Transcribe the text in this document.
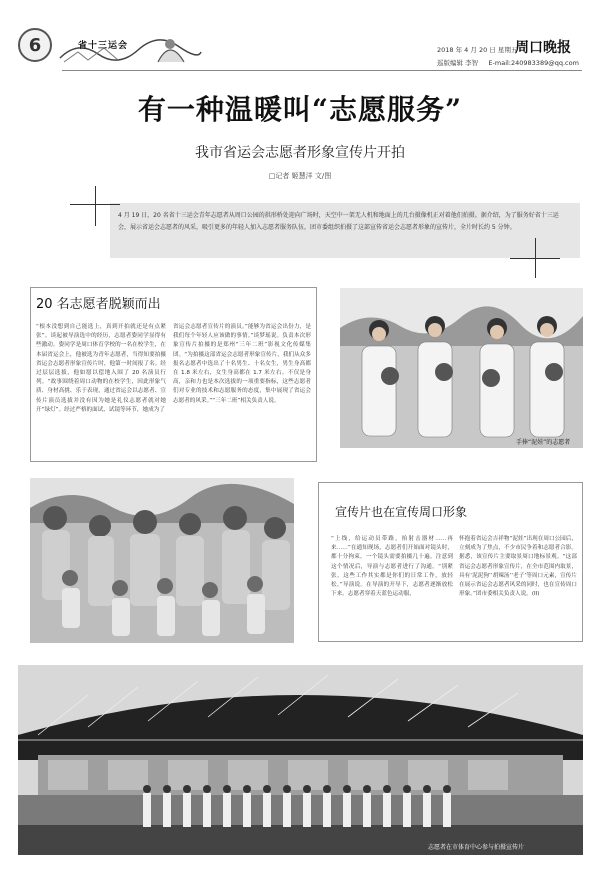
6	省十三运会	2018 年 4 月 20 日 星期五
巡版编辑 李智 E-mail:240983389@qq.com
周口晚报
有一种温暖叫“志愿服务”
我市省运会志愿者形象宣传片开拍
□记者 姬慧洋 文/图
4 月 19 日，20 名省十三运会青年志愿者从周口公园的拱形桥处迎向广场时，天空中一架无人机和地面上的几台摄像机正对着他们拍摄。据介绍，为了服务好省十三运会，展示省运会志愿者的风采，吸引更多的年轻人加入志愿者服务队伍，团市委组织拍摄了这部宣传省运会志愿者形象的宣传片，全片时长约 5 分钟。
20 名志愿者脱颖而出
“根本没想到自己能选上，真到开拍就还是有点紧张”。谈起被导演选中的经历，志愿者姿同学显得有些激动。姿同学是周口体育学校的一名在校学生，在本届省运会上，他被选为青年志愿者，当得知要拍摄省运会志愿者形象宣传片时，他第一时间报了名。经过层层选拔，他如愿以偿地入围了 20 名演员行列。“故事围绕着周口动物的在校学生，因此形象气质、身材高挑、乐于表现，通过省运会以志愿者、宣传片演员选拔并没有因为她是礼仪志愿者就对她开“绿灯”。经过严格的面试、试镜等环节，她成为了
省运会志愿者宣传片的演员。”能够为省运会出份力，是我们每个年轻人应该做的事情。”谈梦瑶说。负责本次形象宣传片拍摄的是郑州“三年二班”影视文化传媒集团。“为拍摄这部省运会志愿者形象宣传片，我们从众多报名志愿者中选出了十名男生、十名女生，男生身高都在 1.8 米左右，女生身高都在 1.7 米左右。不仅是身高，亲和力也是本次选拔的一项重要指标，这些志愿者们对专业的技术和志愿服务的态度，集中展现了省运会志愿者的风采。”“三年二班”相关负责人说。
手捧“泥娃”的志愿者
宣传片也在宣传周口形象
“上线，给运动员带路，抬射击器材……再来……”在通知现场，志愿者们开始面对镜头时，都十分拘束，一个镜头需要拍摄几十遍。注意到这个情况后，导演与志愿者进行了沟通。“别紧张，这些工作其实都是你们的日常工作，放轻松。”导演说。在导演的开导下，志愿者逐渐放松下来。志愿者穿着天蓝色运动服，
怀抱着省运会吉祥物“泥娃”出现在周口公园后，立刻成为了焦点，不少市民争着和志愿者合影。据悉，该宣传片主要取景周口地标景观。“这部省运会志愿者形象宣传片，在全市范围内取景，具有‘泥泥狗’‘胡辣汤’‘老子’等周口元素，宣传片在展示省运会志愿者风采的同时，也在宣传周口形象。”团市委相关负责人说。(II)
志愿者在市体育中心参与拍摄宣传片
